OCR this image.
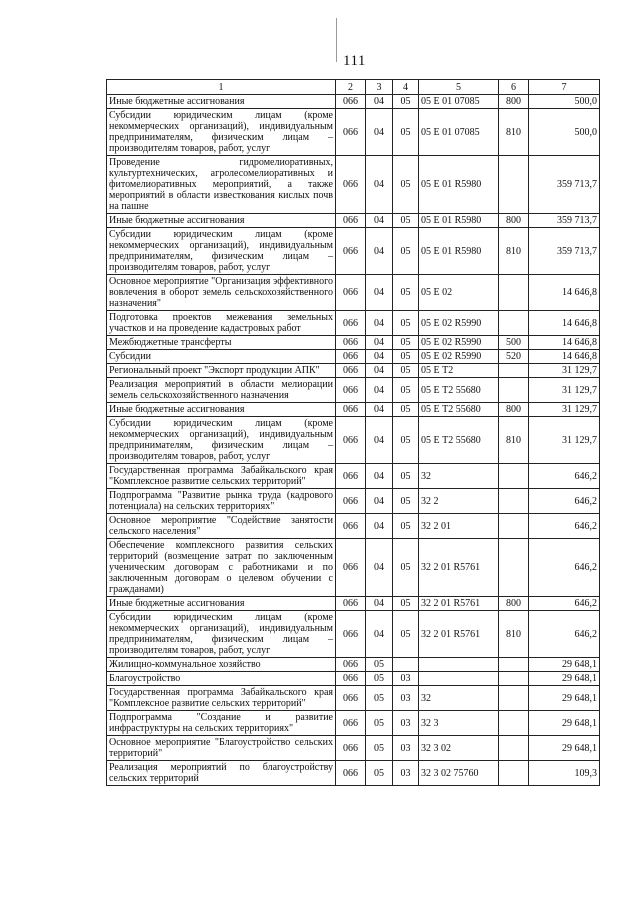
111
1	2	3	4	5	6	7
Иные бюджетные ассигнования	066	04	05	05 Е 01 07085	800	500,0
Субсидии юридическим лицам (кроме некоммерческих организаций), индивидуальным предпринимателям, физическим лицам – производителям товаров, работ, услуг	066	04	05	05 Е 01 07085	810	500,0
Проведение гидромелиоративных, культуртехнических, агролесомелиоративных и фитомелиоративных мероприятий, а также мероприятий в области известкования кислых почв на пашне	066	04	05	05 Е 01 R5980		359 713,7
Иные бюджетные ассигнования	066	04	05	05 Е 01 R5980	800	359 713,7
Субсидии юридическим лицам (кроме некоммерческих организаций), индивидуальным предпринимателям, физическим лицам – производителям товаров, работ, услуг	066	04	05	05 Е 01 R5980	810	359 713,7
Основное мероприятие "Организация эффективного вовлечения в оборот земель сельскохозяйственного назначения"	066	04	05	05 Е 02		14 646,8
Подготовка проектов межевания земельных участков и на проведение кадастровых работ	066	04	05	05 Е 02 R5990		14 646,8
Межбюджетные трансферты	066	04	05	05 Е 02 R5990	500	14 646,8
Субсидии	066	04	05	05 Е 02 R5990	520	14 646,8
Региональный проект "Экспорт продукции АПК"	066	04	05	05 Е Т2		31 129,7
Реализация мероприятий в области мелиорации земель сельскохозяйственного назначения	066	04	05	05 Е Т2 55680		31 129,7
Иные бюджетные ассигнования	066	04	05	05 Е Т2 55680	800	31 129,7
Субсидии юридическим лицам (кроме некоммерческих организаций), индивидуальным предпринимателям, физическим лицам – производителям товаров, работ, услуг	066	04	05	05 Е Т2 55680	810	31 129,7
Государственная программа Забайкальского края "Комплексное развитие сельских территорий"	066	04	05	32		646,2
Подпрограмма "Развитие рынка труда (кадрового потенциала) на сельских территориях"	066	04	05	32 2		646,2
Основное мероприятие "Содействие занятости сельского населения"	066	04	05	32 2 01		646,2
Обеспечение комплексного развития сельских территорий (возмещение затрат по заключенным ученическим договорам с работниками и по заключенным договорам о целевом обучении с гражданами)	066	04	05	32 2 01 R5761		646,2
Иные бюджетные ассигнования	066	04	05	32 2 01 R5761	800	646,2
Субсидии юридическим лицам (кроме некоммерческих организаций), индивидуальным предпринимателям, физическим лицам – производителям товаров, работ, услуг	066	04	05	32 2 01 R5761	810	646,2
Жилищно-коммунальное хозяйство	066	05				29 648,1
Благоустройство	066	05	03			29 648,1
Государственная программа Забайкальского края "Комплексное развитие сельских территорий"	066	05	03	32		29 648,1
Подпрограмма "Создание и развитие инфраструктуры на сельских территориях"	066	05	03	32 3		29 648,1
Основное мероприятие "Благоустройство сельских территорий"	066	05	03	32 3 02		29 648,1
Реализация мероприятий по благоустройству сельских территорий	066	05	03	32 3 02 75760		109,3
